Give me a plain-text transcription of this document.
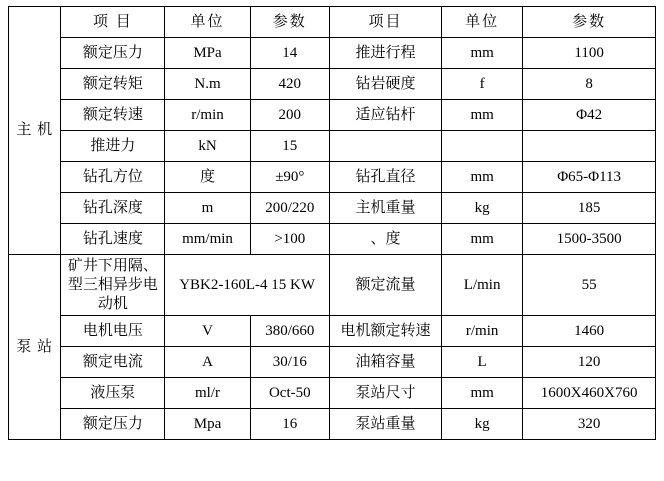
主 机	项 目	单位	参数	项目	单位	参数
	额定压力	MPa	14	推进行程	mm	1100
	额定转矩	N.m	420	钻岩硬度	f	8
	额定转速	r/min	200	适应钻杆	mm	Φ42
	推进力	kN	15			
	钻孔方位	度	±90°	钻孔直径	mm	Φ65-Φ113
	钻孔深度	m	200/220	主机重量	kg	185
	钻孔速度	mm/min	>100	、度	mm	1500-3500

泵 站	矿井下用隔、型三相异步电动机	YBK2-160L-4 15 KW		额定流量	L/min	55
	电机电压	V	380/660	电机额定转速	r/min	1460
	额定电流	A	30/16	油箱容量	L	120
	液压泵	ml/r	Oct-50	泵站尺寸	mm	1600X460X760
	额定压力	Mpa	16	泵站重量	kg	320
